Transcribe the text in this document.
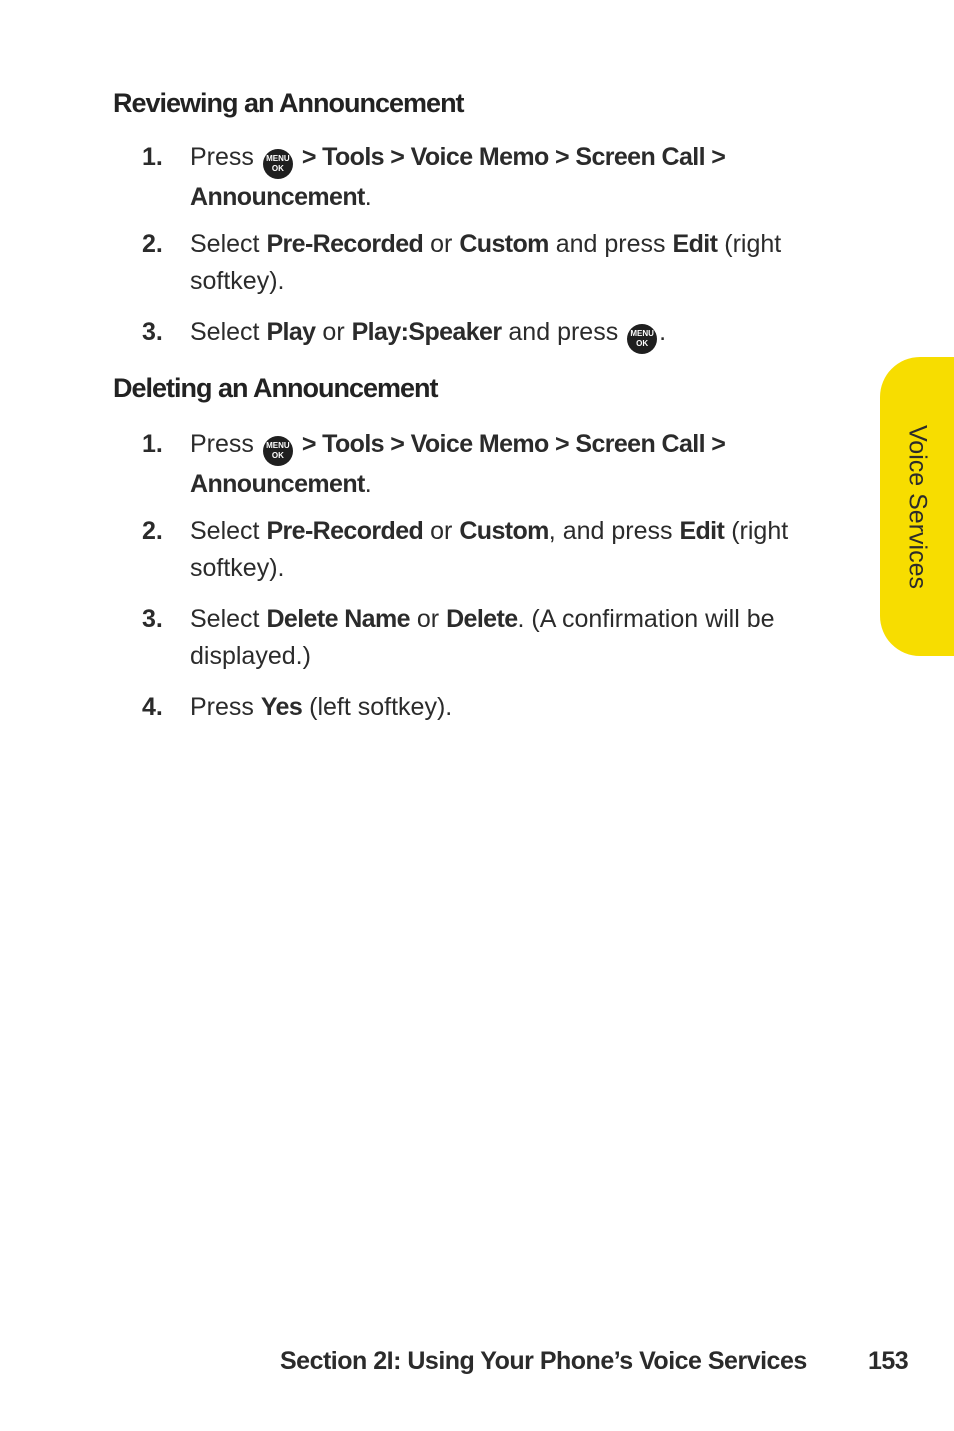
Reviewing an Announcement
1.	Press MENU
OK > Tools > Voice Memo > Screen Call >
Announcement.
2.	Select Pre-Recorded or Custom and press Edit (right
softkey).
3.	Select Play or Play:Speaker and press MENU
OK .
Deleting an Announcement
1.	Press MENU
OK > Tools > Voice Memo > Screen Call >
Announcement.
2.	Select Pre-Recorded or Custom, and press Edit (right
softkey).
3.	Select Delete Name or Delete. (A confirmation will be
displayed.)
4.	Press Yes (left softkey).
Voice Services
Section 2I: Using Your Phone’s Voice Services 153
